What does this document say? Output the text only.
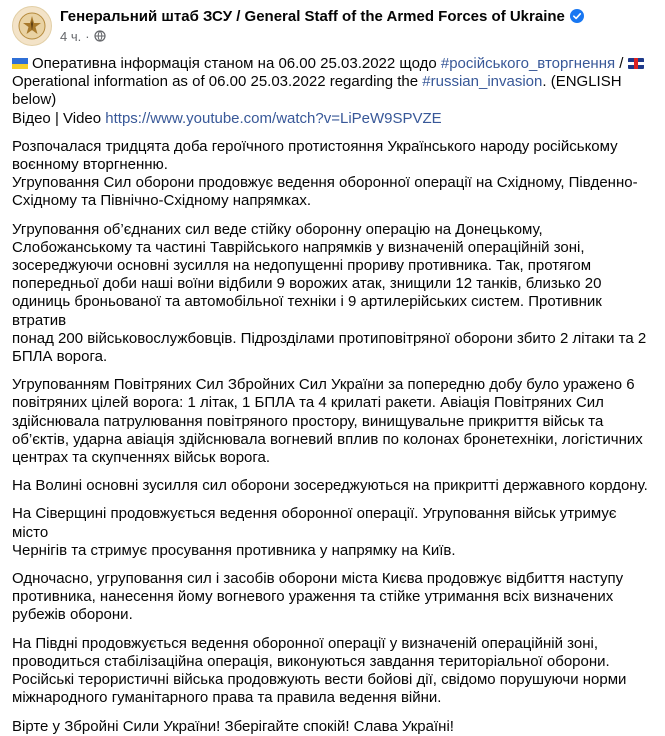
Генеральний штаб ЗСУ / General Staff of the Armed Forces of Ukraine
4 ч. ·

Оперативна інформація станом на 06.00 25.03.2022 щодо #російського_вторгнення /
Operational information as of 06.00 25.03.2022 regarding the #russian_invasion. (ENGLISH below)
Відео | Video https://www.youtube.com/watch?v=LiPeW9SPVZE

Розпочалася тридцята доба героїчного протистояння Українського народу російському
воєнному вторгненню.
Угруповання Сил оборони продовжує ведення оборонної операції на Східному, Південно-
Східному та Північно-Східному напрямках.

Угруповання об’єднаних сил веде стійку оборонну операцію на Донецькому,
Слобожанському та частині Таврійського напрямків у визначеній операційній зоні,
зосереджуючи основні зусилля на недопущенні прориву противника. Так, протягом
попередньої доби наші воїни відбили 9 ворожих атак, знищили 12 танків, близько 20
одиниць броньованої та автомобільної техніки і 9 артилерійських систем. Противник втратив
понад 200 військовослужбовців. Підрозділами протиповітряної оборони збито 2 літаки та 2
БПЛА ворога.

Угрупованням Повітряних Сил Збройних Сил України за попередню добу було уражено 6
повітряних цілей ворога: 1 літак, 1 БПЛА та 4 крилаті ракети. Авіація Повітряних Сил
здійснювала патрулювання повітряного простору, винищувальне прикриття військ та
об’єктів, ударна авіація здійснювала вогневий вплив по колонах бронетехніки, логістичних
центрах та скупченнях військ ворога.

На Волині основні зусилля сил оборони зосереджуються на прикритті державного кордону.

На Сіверщині продовжується ведення оборонної операції. Угруповання військ утримує місто
Чернігів та стримує просування противника у напрямку на Київ.

Одночасно, угруповання сил і засобів оборони міста Києва продовжує відбиття наступу
противника, нанесення йому вогневого ураження та стійке утримання всіх визначених
рубежів оборони.

На Півдні продовжується ведення оборонної операції у визначеній операційній зоні,
проводиться стабілізаційна операція, виконуються завдання територіальної оборони.
Російські терористичні війська продовжують вести бойові дії, свідомо порушуючи норми
міжнародного гуманітарного права та правила ведення війни.

Вірте у Збройні Сили України! Зберігайте спокій! Слава Україні!
